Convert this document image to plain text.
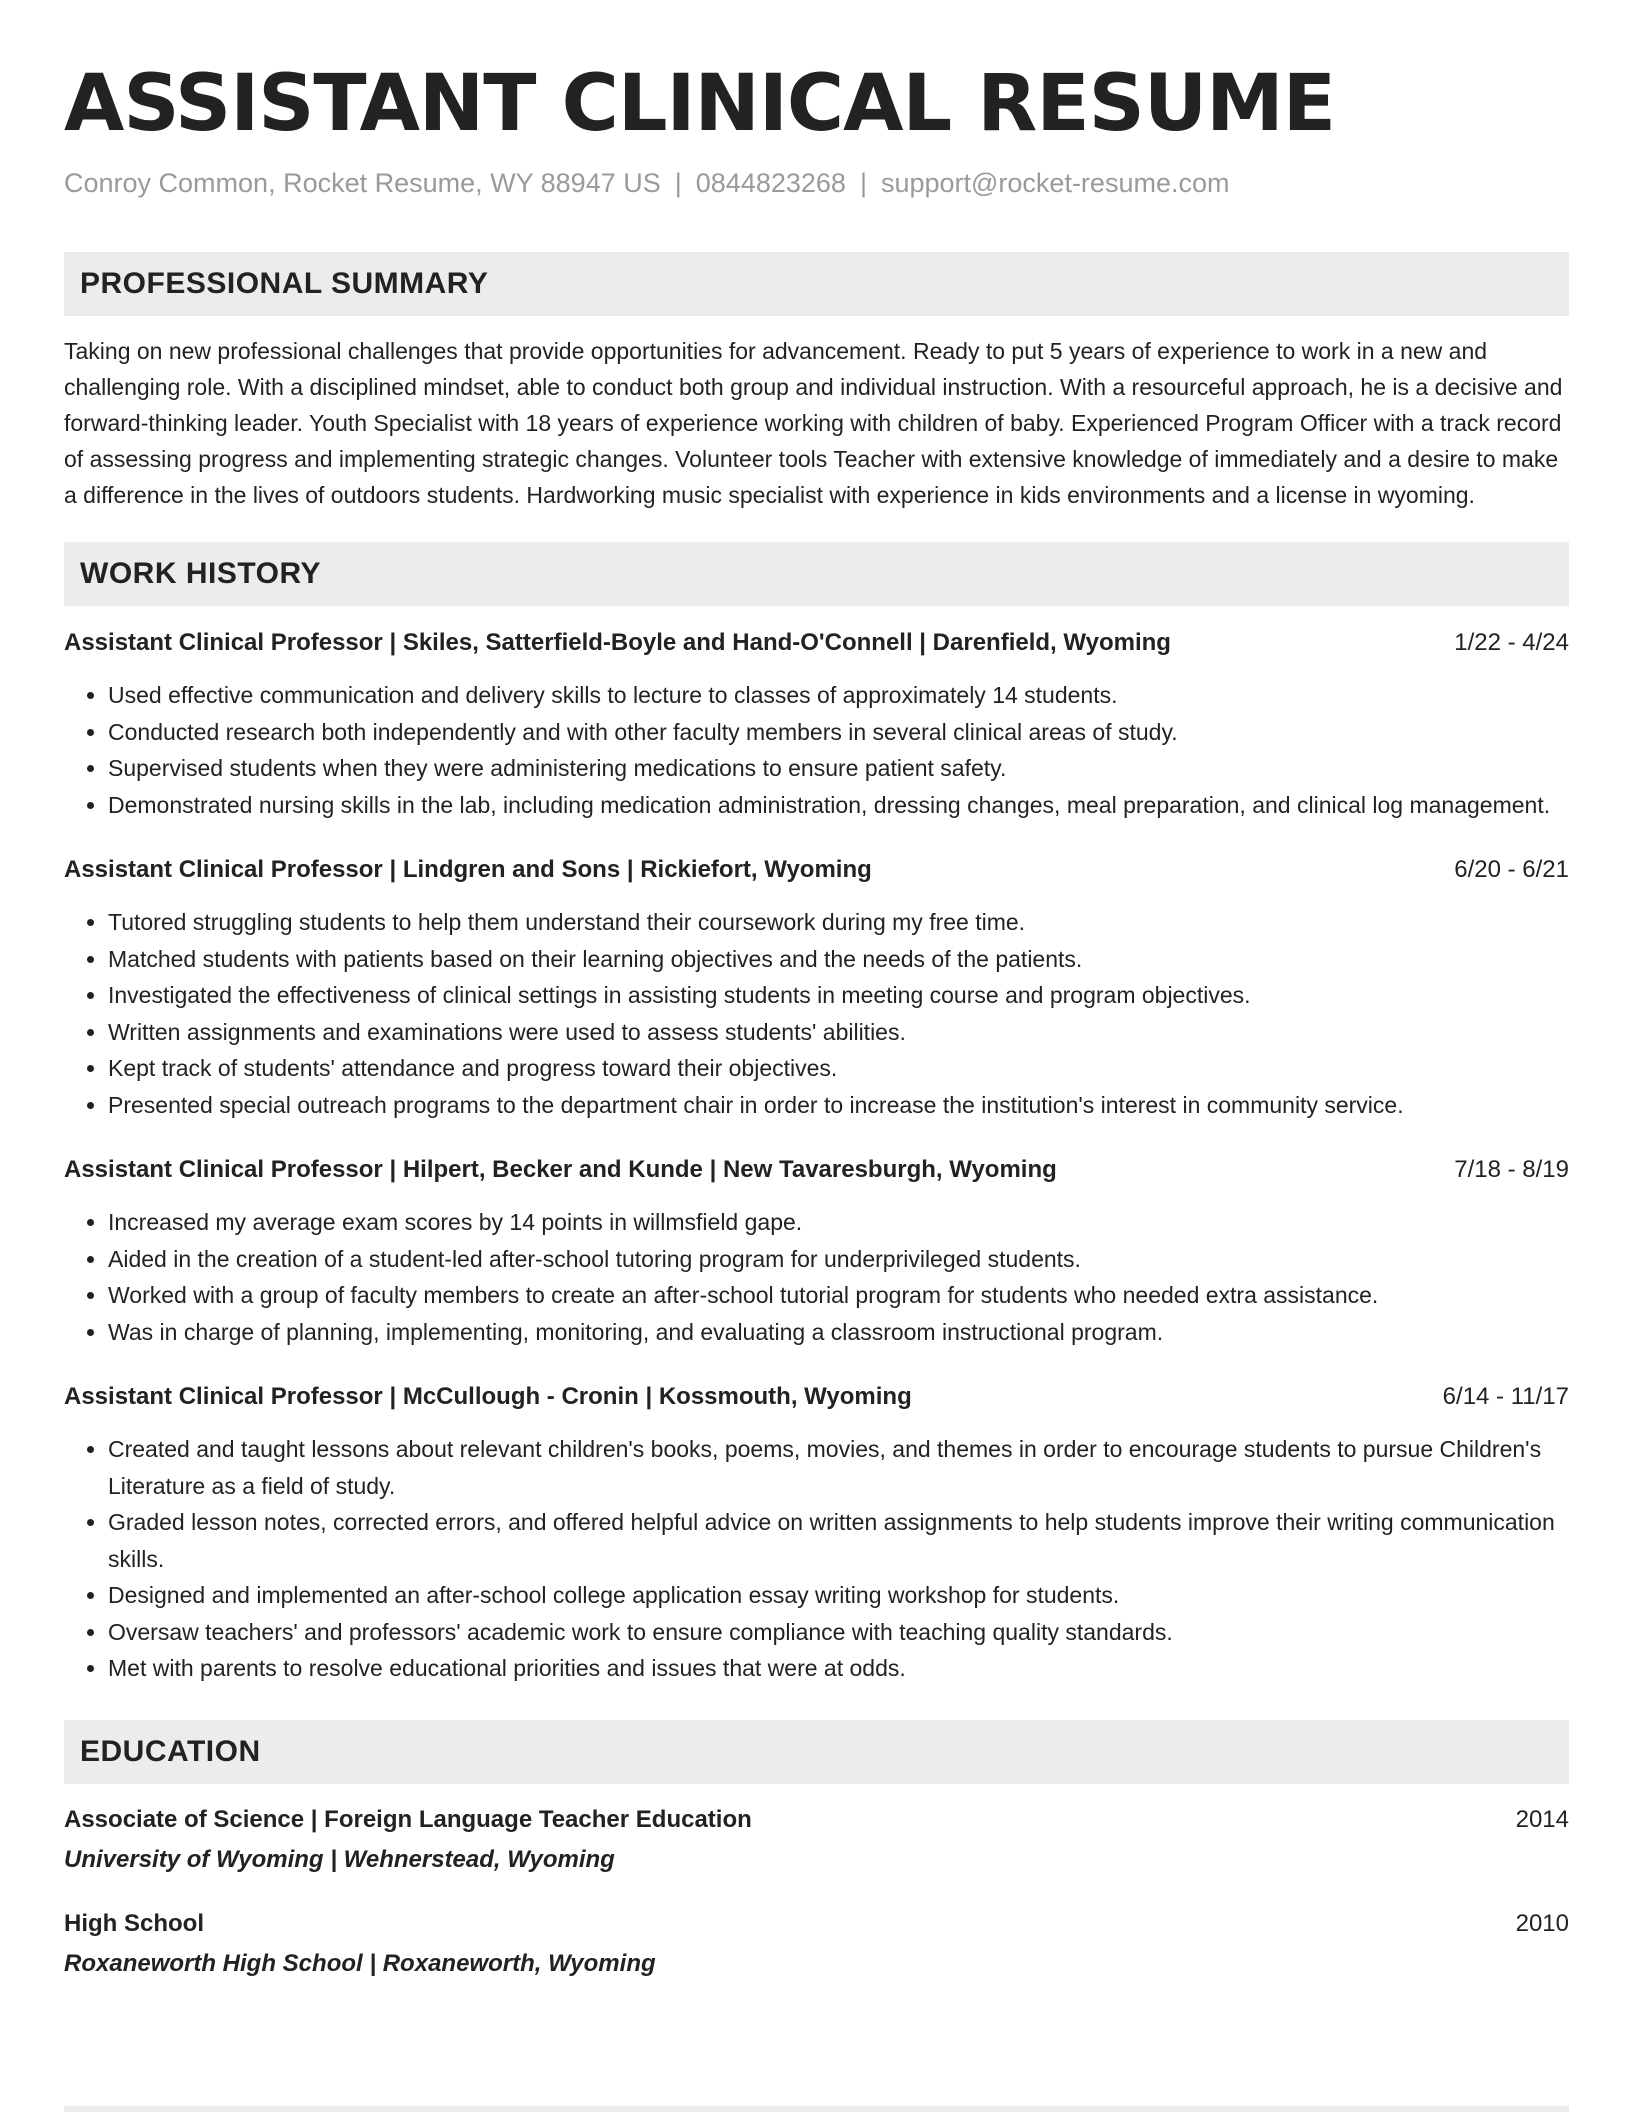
ASSISTANT CLINICAL RESUME
Conroy Common, Rocket Resume, WY 88947 US | 0844823268 | support@rocket-resume.com
PROFESSIONAL SUMMARY
Taking on new professional challenges that provide opportunities for advancement. Ready to put 5 years of experience to work in a new and challenging role. With a disciplined mindset, able to conduct both group and individual instruction. With a resourceful approach, he is a decisive and forward-thinking leader. Youth Specialist with 18 years of experience working with children of baby. Experienced Program Officer with a track record of assessing progress and implementing strategic changes. Volunteer tools Teacher with extensive knowledge of immediately and a desire to make a difference in the lives of outdoors students. Hardworking music specialist with experience in kids environments and a license in wyoming.
WORK HISTORY
Assistant Clinical Professor | Skiles, Satterfield-Boyle and Hand-O'Connell | Darenfield, Wyoming	1/22 - 4/24
• Used effective communication and delivery skills to lecture to classes of approximately 14 students.
• Conducted research both independently and with other faculty members in several clinical areas of study.
• Supervised students when they were administering medications to ensure patient safety.
• Demonstrated nursing skills in the lab, including medication administration, dressing changes, meal preparation, and clinical log management.
Assistant Clinical Professor | Lindgren and Sons | Rickiefort, Wyoming	6/20 - 6/21
• Tutored struggling students to help them understand their coursework during my free time.
• Matched students with patients based on their learning objectives and the needs of the patients.
• Investigated the effectiveness of clinical settings in assisting students in meeting course and program objectives.
• Written assignments and examinations were used to assess students' abilities.
• Kept track of students' attendance and progress toward their objectives.
• Presented special outreach programs to the department chair in order to increase the institution's interest in community service.
Assistant Clinical Professor | Hilpert, Becker and Kunde | New Tavaresburgh, Wyoming	7/18 - 8/19
• Increased my average exam scores by 14 points in willmsfield gape.
• Aided in the creation of a student-led after-school tutoring program for underprivileged students.
• Worked with a group of faculty members to create an after-school tutorial program for students who needed extra assistance.
• Was in charge of planning, implementing, monitoring, and evaluating a classroom instructional program.
Assistant Clinical Professor | McCullough - Cronin | Kossmouth, Wyoming	6/14 - 11/17
• Created and taught lessons about relevant children's books, poems, movies, and themes in order to encourage students to pursue Children's Literature as a field of study.
• Graded lesson notes, corrected errors, and offered helpful advice on written assignments to help students improve their writing communication skills.
• Designed and implemented an after-school college application essay writing workshop for students.
• Oversaw teachers' and professors' academic work to ensure compliance with teaching quality standards.
• Met with parents to resolve educational priorities and issues that were at odds.
EDUCATION
Associate of Science | Foreign Language Teacher Education	2014
University of Wyoming | Wehnerstead, Wyoming
High School	2010
Roxaneworth High School | Roxaneworth, Wyoming
